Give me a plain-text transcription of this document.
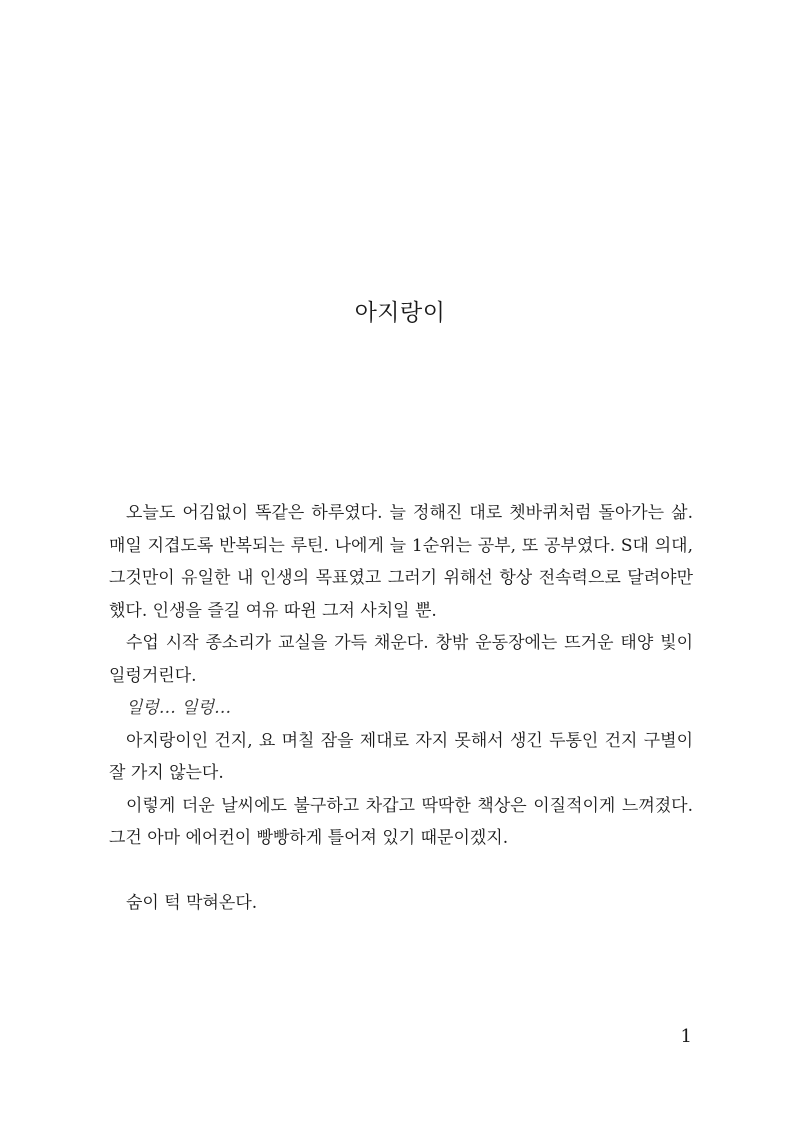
아지랑이

오늘도 어김없이 똑같은 하루였다. 늘 정해진 대로 쳇바퀴처럼 돌아가는 삶. 매일 지겹도록 반복되는 루틴. 나에게 늘 1순위는 공부, 또 공부였다. S대 의대, 그것만이 유일한 내 인생의 목표였고 그러기 위해선 항상 전속력으로 달려야만 했다. 인생을 즐길 여유 따윈 그저 사치일 뿐.

수업 시작 종소리가 교실을 가득 채운다. 창밖 운동장에는 뜨거운 태양 빛이 일렁거린다.

일렁… 일렁…

아지랑이인 건지, 요 며칠 잠을 제대로 자지 못해서 생긴 두통인 건지 구별이 잘 가지 않는다.

이렇게 더운 날씨에도 불구하고 차갑고 딱딱한 책상은 이질적이게 느껴졌다. 그건 아마 에어컨이 빵빵하게 틀어져 있기 때문이겠지.

숨이 턱 막혀온다.

1
